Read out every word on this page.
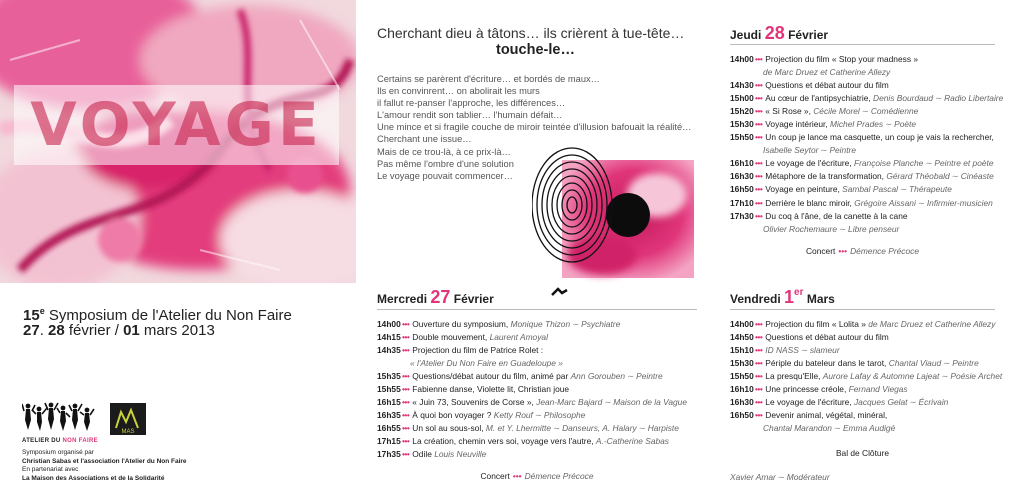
VOYAGE
15e Symposium de l'Atelier du Non Faire
27. 28 février / 01 mars 2013
MAS
ATELIER DU NON FAIRE
Symposium organisé par
Christian Sabas et l'association l'Atelier du Non Faire
En partenariat avec
La Maison des Associations et de la Solidarité
Cherchant dieu à tâtons… ils crièrent à tue-tête…
touche-le…
Certains se parèrent d'écriture… et bordés de maux…
Ils en convinrent… on abolirait les murs
il fallut re-panser l'approche, les différences…
L'amour rendit son tablier… l'humain défait…
Une mince et si fragile couche de miroir teintée d'illusion bafouait la réalité…
Cherchant une issue…
Mais de ce trou-là, à ce prix-là…
Pas même l'ombre d'une solution
Le voyage pouvait commencer…
Mercredi 27 Février
14h00••• Ouverture du symposium, Monique Thizon ∼ Psychiatre
14h15••• Double mouvement, Laurent Amoyal
14h35••• Projection du film de Patrice Rolet :
« l'Atelier Du Non Faire en Guadeloupe »
15h35••• Questions/débat autour du film, animé par Ann Gorouben ∼ Peintre
15h55••• Fabienne danse, Violette lit, Christian joue
16h15••• « Juin 73, Souvenirs de Corse », Jean-Marc Bajard ∼ Maison de la Vague
16h35••• À quoi bon voyager ? Ketty Rouf ∼ Philosophe
16h55••• Un sol au sous-sol, M. et Y. Lhermitte ∼ Danseurs, A. Halary ∼ Harpiste
17h15••• La création, chemin vers soi, voyage vers l'autre, A.-Catherine Sabas
17h35••• Odile Louis Neuville
Concert ••• Démence Précoce
Jeudi 28 Février
14h00••• Projection du film « Stop your madness »
de Marc Druez et Catherine Allezy
14h30••• Questions et débat autour du film
15h00••• Au cœur de l'antipsychiatrie, Denis Bourdaud ∼ Radio Libertaire
15h20••• « Si Rose », Cécile Morel ∼ Comédienne
15h30••• Voyage intérieur, Michel Prades ∼ Poète
15h50••• Un coup je lance ma casquette, un coup je vais la rechercher,
Isabelle Seytor ∼ Peintre
16h10••• Le voyage de l'écriture, Françoise Planche ∼ Peintre et poète
16h30••• Métaphore de la transformation, Gérard Théobald ∼ Cinéaste
16h50••• Voyage en peinture, Sambal Pascal ∼ Thérapeute
17h10••• Derrière le blanc miroir, Grégoire Aissani ∼ Infirmier-musicien
17h30••• Du coq à l'âne, de la canette à la cane
Olivier Rochemaure ∼ Libre penseur
Concert ••• Démence Précoce
Vendredi 1er Mars
14h00••• Projection du film « Lolita » de Marc Druez et Catherine Allezy
14h50••• Questions et débat autour du film
15h10••• ID NASS ∼ slameur
15h30••• Périple du bateleur dans le tarot, Chantal Viaud ∼ Peintre
15h50••• La presqu'Elle, Aurore Lafay & Automne Lajeat ∼ Poésie Archet
16h10••• Une princesse créole, Fernand Viegas
16h30••• Le voyage de l'écriture, Jacques Gelat ∼ Écrivain
16h50••• Devenir animal, végétal, minéral,
Chantal Marandon ∼ Emma Audigé
Bal de Clôture
Xavier Amar ∼ Modérateur
